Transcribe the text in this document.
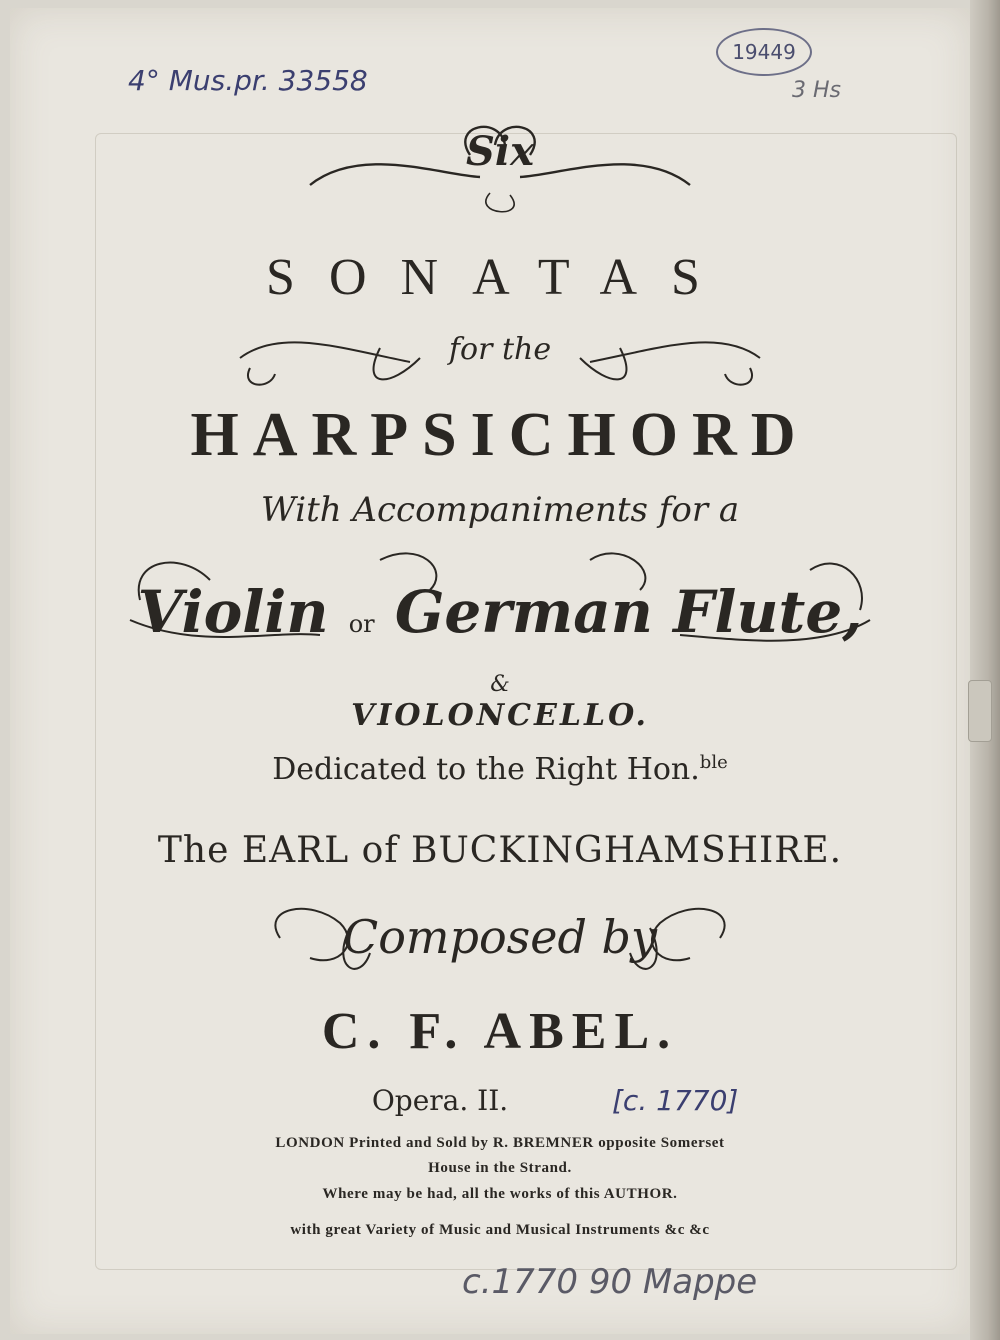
4° Mus.pr. 33558
19449
3 Hs
[c. 1770]
c.1770 90 Mappe
Six
SONATAS
for the
HARPSICHORD
With Accompaniments for a
Violin or German Flute,
&
VIOLONCELLO.
Dedicated to the Right Hon.$^{ble}$
The EARL of BUCKINGHAMSHIRE.
Composed by
C. F. ABEL.
Opera. II.
LONDON Printed and Sold by R. BREMNER opposite Somerset
House in the Strand.
Where may be had, all the works of this AUTHOR.
with great Variety of Music and Musical Instruments &c &c
